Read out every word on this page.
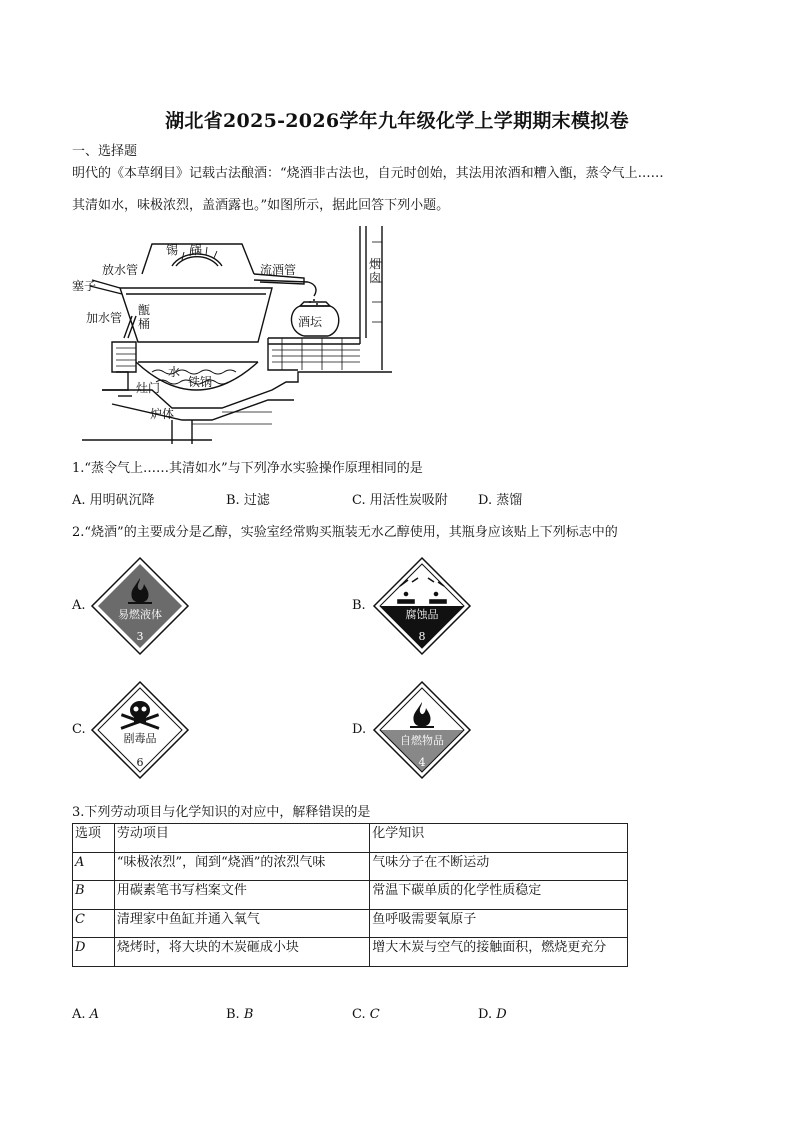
湖北省2025-2026学年九年级化学上学期期末模拟卷
一、选择题
明代的《本草纲目》记载古法酿酒：“烧酒非古法也，自元时创始，其法用浓酒和糟入甑，蒸令气上……
其清如水，味极浓烈，盖酒露也。”如图所示，据此回答下列小题。
锡　锅
放水管	流酒管
塞子
加水管
甑
桶	酒坛
水
铁锅
灶门
炉体
烟
囱
1.“蒸令气上……其清如水”与下列净水实验操作原理相同的是
A. 用明矾沉降	B. 过滤	C. 用活性炭吸附 D. 蒸馏
2.“烧酒”的主要成分是乙醇，实验室经常购买瓶装无水乙醇使用，其瓶身应该贴上下列标志中的
A.
易燃液体
3
B.
腐蚀品
8
C.
剧毒品
6
D.
自燃物品
4
3.下列劳动项目与化学知识的对应中，解释错误的是
选项	劳动项目	化学知识
A	“味极浓烈”，闻到“烧酒”的浓烈气味	气味分子在不断运动
B	用碳素笔书写档案文件	常温下碳单质的化学性质稳定
C	清理家中鱼缸并通入氧气	鱼呼吸需要氧原子
D	烧烤时，将大块的木炭砸成小块	增大木炭与空气的接触面积，燃烧更充分
A. A	B. B	C. C	D. D
